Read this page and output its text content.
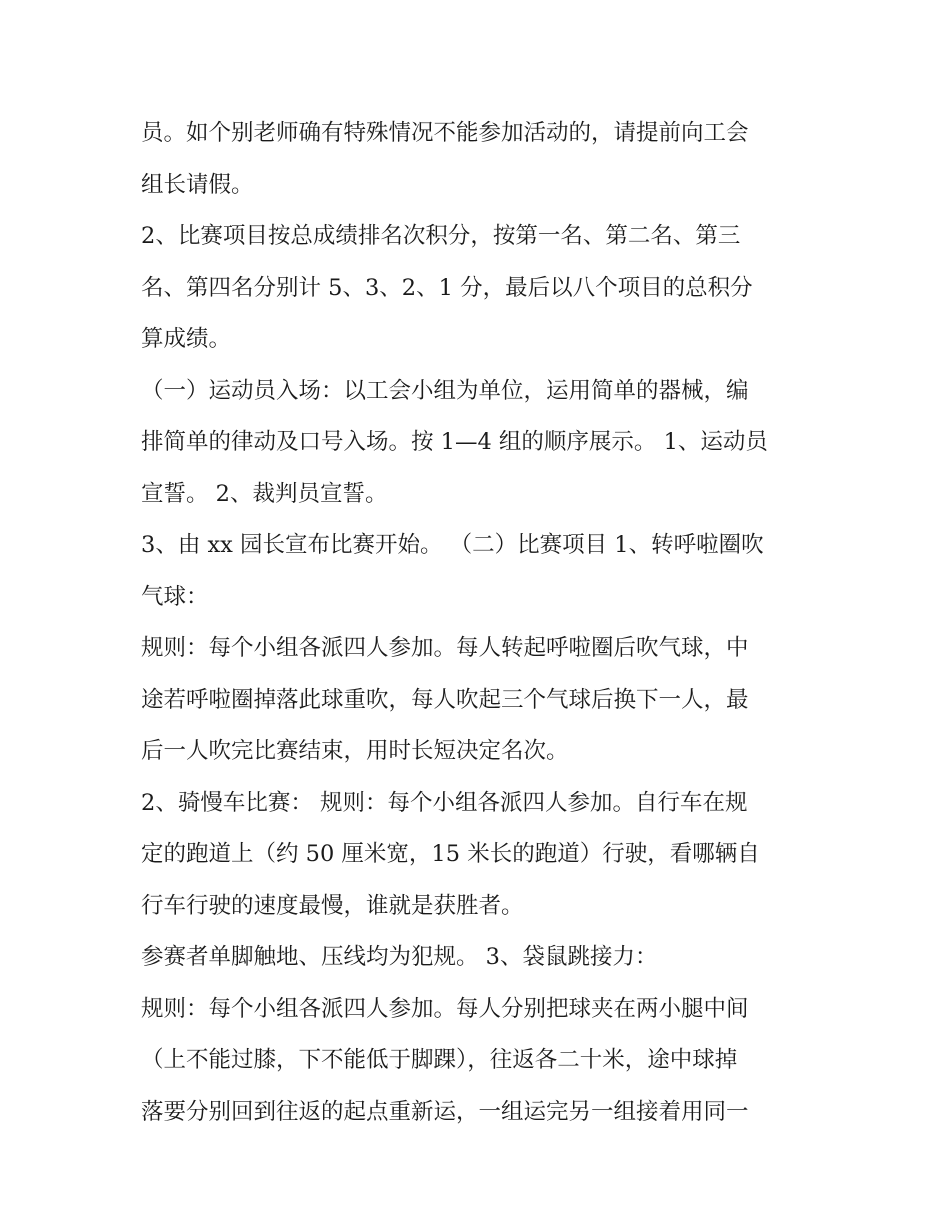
员。如个别老师确有特殊情况不能参加活动的，请提前向工会
组长请假。
2、比赛项目按总成绩排名次积分，按第一名、第二名、第三
名、第四名分别计 5、3、2、1 分，最后以八个项目的总积分
算成绩。
（一）运动员入场：以工会小组为单位，运用简单的器械，编
排简单的律动及口号入场。按 1—4 组的顺序展示。 1、运动员
宣誓。 2、裁判员宣誓。
3、由 xx 园长宣布比赛开始。 （二）比赛项目 1、转呼啦圈吹
气球：
规则：每个小组各派四人参加。每人转起呼啦圈后吹气球，中
途若呼啦圈掉落此球重吹，每人吹起三个气球后换下一人，最
后一人吹完比赛结束，用时长短决定名次。
2、骑慢车比赛： 规则：每个小组各派四人参加。自行车在规
定的跑道上（约 50 厘米宽，15 米长的跑道）行驶，看哪辆自
行车行驶的速度最慢，谁就是获胜者。
参赛者单脚触地、压线均为犯规。 3、袋鼠跳接力：
规则：每个小组各派四人参加。每人分别把球夹在两小腿中间
（上不能过膝，下不能低于脚踝），往返各二十米，途中球掉
落要分别回到往返的起点重新运，一组运完另一组接着用同一
